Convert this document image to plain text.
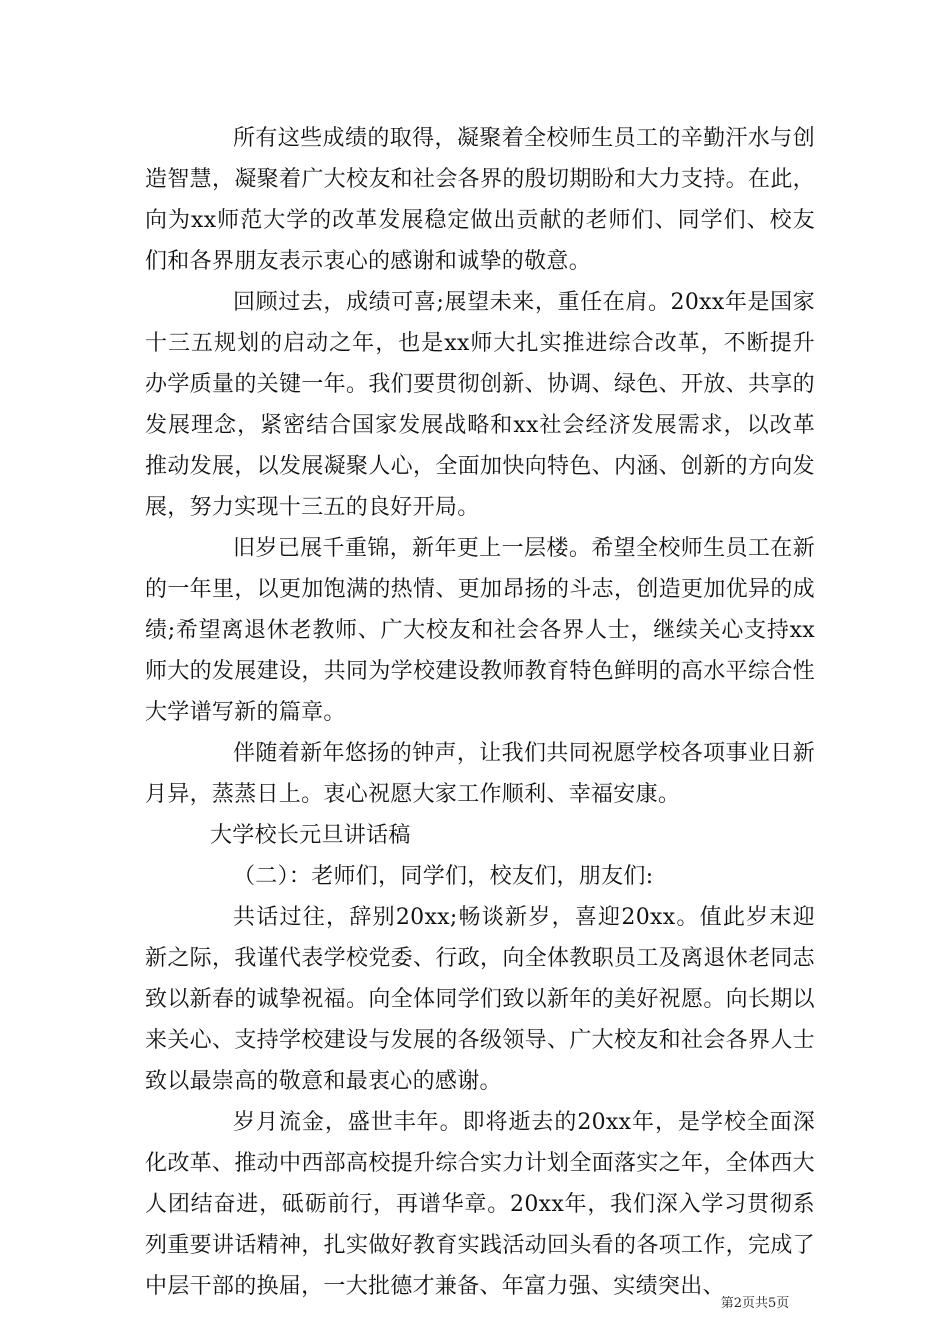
所有这些成绩的取得，凝聚着全校师生员工的辛勤汗水与创造智慧，凝聚着广大校友和社会各界的殷切期盼和大力支持。在此，向为xx师范大学的改革发展稳定做出贡献的老师们、同学们、校友们和各界朋友表示衷心的感谢和诚挚的敬意。

回顾过去，成绩可喜;展望未来，重任在肩。20xx年是国家十三五规划的启动之年，也是xx师大扎实推进综合改革，不断提升办学质量的关键一年。我们要贯彻创新、协调、绿色、开放、共享的发展理念，紧密结合国家发展战略和xx社会经济发展需求，以改革推动发展，以发展凝聚人心，全面加快向特色、内涵、创新的方向发展，努力实现十三五的良好开局。

旧岁已展千重锦，新年更上一层楼。希望全校师生员工在新的一年里，以更加饱满的热情、更加昂扬的斗志，创造更加优异的成绩;希望离退休老教师、广大校友和社会各界人士，继续关心支持xx师大的发展建设，共同为学校建设教师教育特色鲜明的高水平综合性大学谱写新的篇章。

伴随着新年悠扬的钟声，让我们共同祝愿学校各项事业日新月异，蒸蒸日上。衷心祝愿大家工作顺利、幸福安康。

大学校长元旦讲话稿

（二）：老师们，同学们，校友们，朋友们:

共话过往，辞别20xx;畅谈新岁，喜迎20xx。值此岁末迎新之际，我谨代表学校党委、行政，向全体教职员工及离退休老同志致以新春的诚挚祝福。向全体同学们致以新年的美好祝愿。向长期以来关心、支持学校建设与发展的各级领导、广大校友和社会各界人士致以最崇高的敬意和最衷心的感谢。

岁月流金，盛世丰年。即将逝去的20xx年，是学校全面深化改革、推动中西部高校提升综合实力计划全面落实之年，全体西大人团结奋进，砥砺前行，再谱华章。20xx年，我们深入学习贯彻系列重要讲话精神，扎实做好教育实践活动回头看的各项工作，完成了中层干部的换届，一大批德才兼备、年富力强、实绩突出、

第2页共5页
